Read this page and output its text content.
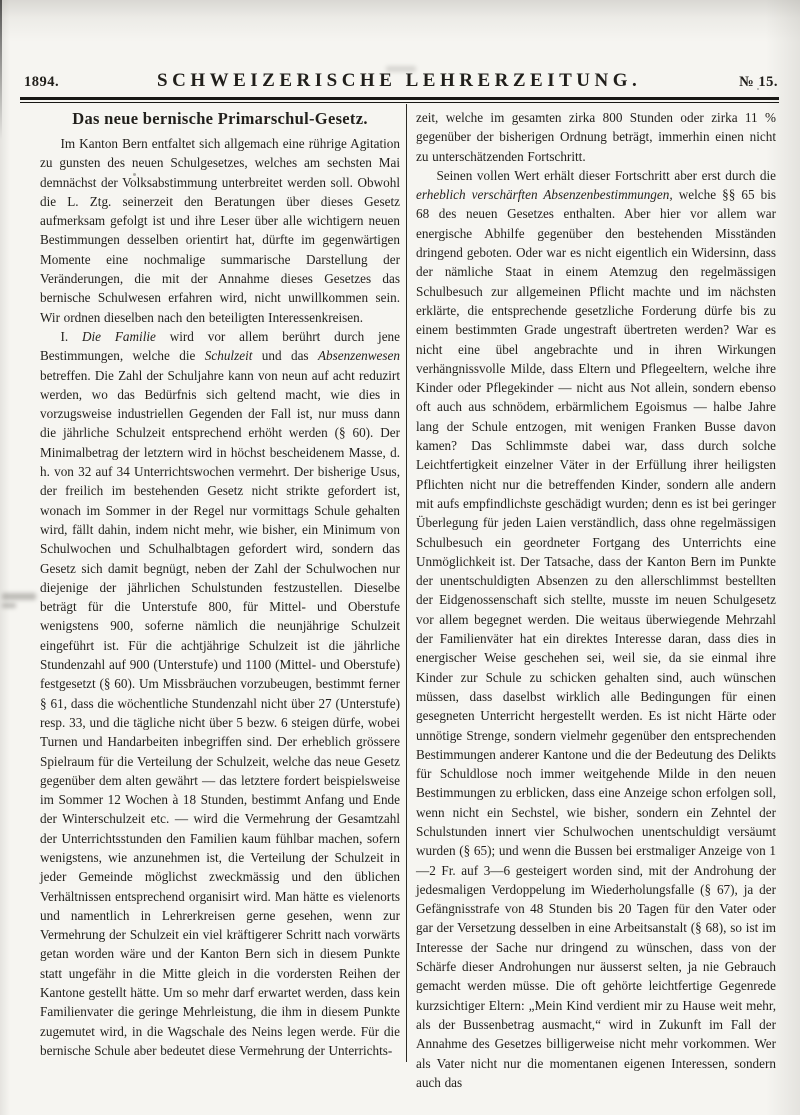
1894.	SCHWEIZERISCHE LEHRERZEITUNG.	№ 15.
Das neue bernische Primarschul-Gesetz.

Im Kanton Bern entfaltet sich allgemach eine rührige Agitation zu gunsten des neuen Schulgesetzes, welches am sechsten Mai demnächst der Volksabstimmung unterbreitet werden soll. Obwohl die L. Ztg. seinerzeit den Beratungen über dieses Gesetz aufmerksam gefolgt ist und ihre Leser über alle wichtigern neuen Bestimmungen desselben orientirt hat, dürfte im gegenwärtigen Momente eine nochmalige summarische Darstellung der Veränderungen, die mit der Annahme dieses Gesetzes das bernische Schulwesen erfahren wird, nicht unwillkommen sein. Wir ordnen dieselben nach den beteiligten Interessenkreisen.

I. Die Familie wird vor allem berührt durch jene Bestimmungen, welche die Schulzeit und das Absenzenwesen betreffen. Die Zahl der Schuljahre kann von neun auf acht reduzirt werden, wo das Bedürfnis sich geltend macht, wie dies in vorzugsweise industriellen Gegenden der Fall ist, nur muss dann die jährliche Schulzeit entsprechend erhöht werden (§ 60). Der Minimalbetrag der letztern wird in höchst bescheidenem Masse, d. h. von 32 auf 34 Unterrichtswochen vermehrt. Der bisherige Usus, der freilich im bestehenden Gesetz nicht strikte gefordert ist, wonach im Sommer in der Regel nur vormittags Schule gehalten wird, fällt dahin, indem nicht mehr, wie bisher, ein Minimum von Schulwochen und Schulhalbtagen gefordert wird, sondern das Gesetz sich damit begnügt, neben der Zahl der Schulwochen nur diejenige der jährlichen Schulstunden festzustellen. Dieselbe beträgt für die Unterstufe 800, für Mittel- und Oberstufe wenigstens 900, soferne nämlich die neunjährige Schulzeit eingeführt ist. Für die achtjährige Schulzeit ist die jährliche Stundenzahl auf 900 (Unterstufe) und 1100 (Mittel- und Oberstufe) festgesetzt (§ 60). Um Missbräuchen vorzubeugen, bestimmt ferner § 61, dass die wöchentliche Stundenzahl nicht über 27 (Unterstufe) resp. 33, und die tägliche nicht über 5 bezw. 6 steigen dürfe, wobei Turnen und Handarbeiten inbegriffen sind. Der erheblich grössere Spielraum für die Verteilung der Schulzeit, welche das neue Gesetz gegenüber dem alten gewährt — das letztere fordert beispielsweise im Sommer 12 Wochen à 18 Stunden, bestimmt Anfang und Ende der Winterschulzeit etc. — wird die Vermehrung der Gesamtzahl der Unterrichtsstunden den Familien kaum fühlbar machen, sofern wenigstens, wie anzunehmen ist, die Verteilung der Schulzeit in jeder Gemeinde möglichst zweckmässig und den üblichen Verhältnissen entsprechend organisirt wird. Man hätte es vielenorts und namentlich in Lehrerkreisen gerne gesehen, wenn zur Vermehrung der Schulzeit ein viel kräftigerer Schritt nach vorwärts getan worden wäre und der Kanton Bern sich in diesem Punkte statt ungefähr in die Mitte gleich in die vordersten Reihen der Kantone gestellt hätte. Um so mehr darf erwartet werden, dass kein Familienvater die geringe Mehrleistung, die ihm in diesem Punkte zugemutet wird, in die Wagschale des Neins legen werde. Für die bernische Schule aber bedeutet diese Vermehrung der Unterrichts-

zeit, welche im gesamten zirka 800 Stunden oder zirka 11 % gegenüber der bisherigen Ordnung beträgt, immerhin einen nicht zu unterschätzenden Fortschritt.

Seinen vollen Wert erhält dieser Fortschritt aber erst durch die erheblich verschärften Absenzenbestimmungen, welche §§ 65 bis 68 des neuen Gesetzes enthalten. Aber hier vor allem war energische Abhilfe gegenüber den bestehenden Misständen dringend geboten. Oder war es nicht eigentlich ein Widersinn, dass der nämliche Staat in einem Atemzug den regelmässigen Schulbesuch zur allgemeinen Pflicht machte und im nächsten erklärte, die entsprechende gesetzliche Forderung dürfe bis zu einem bestimmten Grade ungestraft übertreten werden? War es nicht eine übel angebrachte und in ihren Wirkungen verhängnissvolle Milde, dass Eltern und Pflegeeltern, welche ihre Kinder oder Pflegekinder — nicht aus Not allein, sondern ebenso oft auch aus schnödem, erbärmlichem Egoismus — halbe Jahre lang der Schule entzogen, mit wenigen Franken Busse davon kamen? Das Schlimmste dabei war, dass durch solche Leichtfertigkeit einzelner Väter in der Erfüllung ihrer heiligsten Pflichten nicht nur die betreffenden Kinder, sondern alle andern mit aufs empfindlichste geschädigt wurden; denn es ist bei geringer Überlegung für jeden Laien verständlich, dass ohne regelmässigen Schulbesuch ein geordneter Fortgang des Unterrichts eine Unmöglichkeit ist. Der Tatsache, dass der Kanton Bern im Punkte der unentschuldigten Absenzen zu den allerschlimmst bestellten der Eidgenossenschaft sich stellte, musste im neuen Schulgesetz vor allem begegnet werden. Die weitaus überwiegende Mehrzahl der Familienväter hat ein direktes Interesse daran, dass dies in energischer Weise geschehen sei, weil sie, da sie einmal ihre Kinder zur Schule zu schicken gehalten sind, auch wünschen müssen, dass daselbst wirklich alle Bedingungen für einen gesegneten Unterricht hergestellt werden. Es ist nicht Härte oder unnötige Strenge, sondern vielmehr gegenüber den entsprechenden Bestimmungen anderer Kantone und die der Bedeutung des Delikts für Schuldlose noch immer weitgehende Milde in den neuen Bestimmungen zu erblicken, dass eine Anzeige schon erfolgen soll, wenn nicht ein Sechstel, wie bisher, sondern ein Zehntel der Schulstunden innert vier Schulwochen unentschuldigt versäumt wurden (§ 65); und wenn die Bussen bei erstmaliger Anzeige von 1—2 Fr. auf 3—6 gesteigert worden sind, mit der Androhung der jedesmaligen Verdoppelung im Wiederholungsfalle (§ 67), ja der Gefängnisstrafe von 48 Stunden bis 20 Tagen für den Vater oder gar der Versetzung desselben in eine Arbeitsanstalt (§ 68), so ist im Interesse der Sache nur dringend zu wünschen, dass von der Schärfe dieser Androhungen nur äusserst selten, ja nie Gebrauch gemacht werden müsse. Die oft gehörte leichtfertige Gegenrede kurzsichtiger Eltern: „Mein Kind verdient mir zu Hause weit mehr, als der Bussenbetrag ausmacht,“ wird in Zukunft im Fall der Annahme des Gesetzes billigerweise nicht mehr vorkommen. Wer als Vater nicht nur die momentanen eigenen Interessen, sondern auch das
